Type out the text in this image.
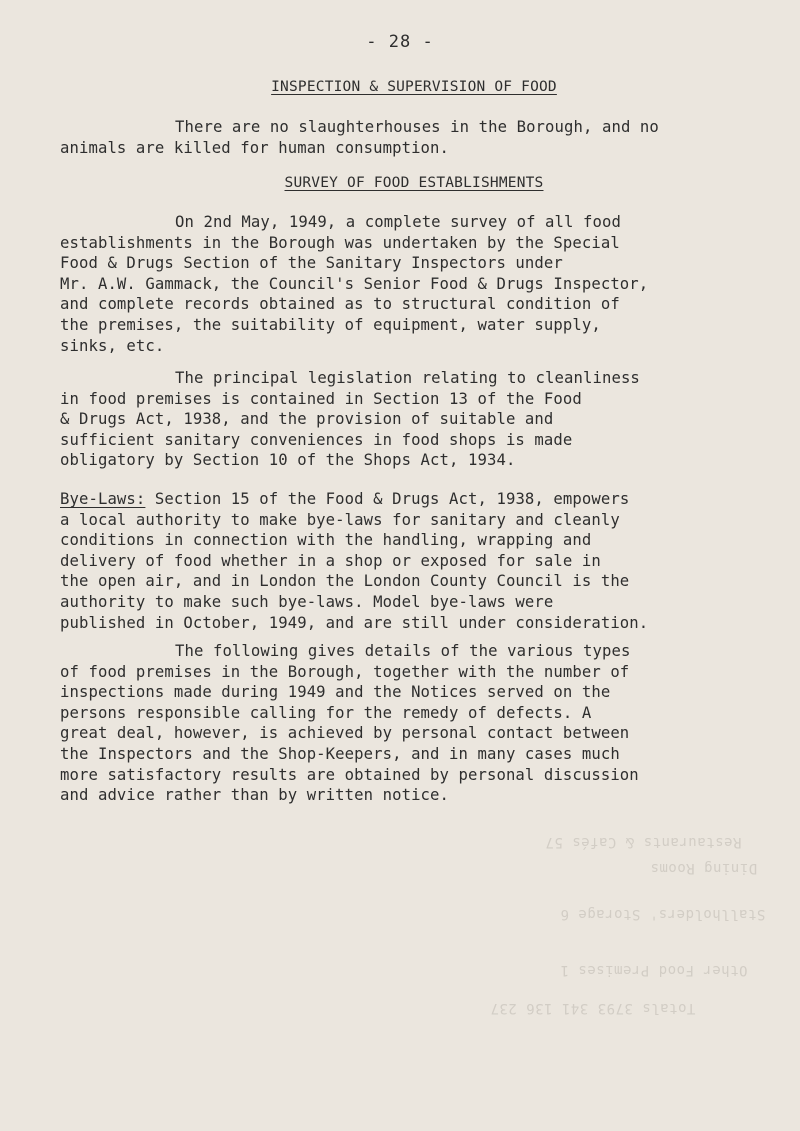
Restaurants & Cafés 57
Dining Rooms
Stallholders' Storage 6
Other Food Premises 1
Totals 3793 341 136 237
- 28 -
INSPECTION & SUPERVISION OF FOOD

There are no slaughterhouses in the Borough, and no
animals are killed for human consumption.

SURVEY OF FOOD ESTABLISHMENTS

On 2nd May, 1949, a complete survey of all food
establishments in the Borough was undertaken by the Special
Food & Drugs Section of the Sanitary Inspectors under
Mr. A.W. Gammack, the Council's Senior Food & Drugs Inspector,
and complete records obtained as to structural condition of
the premises, the suitability of equipment, water supply,
sinks, etc.

The principal legislation relating to cleanliness
in food premises is contained in Section 13 of the Food
& Drugs Act, 1938, and the provision of suitable and
sufficient sanitary conveniences in food shops is made
obligatory by Section 10 of the Shops Act, 1934.

Bye-Laws: Section 15 of the Food & Drugs Act, 1938, empowers
a local authority to make bye-laws for sanitary and cleanly
conditions in connection with the handling, wrapping and
delivery of food whether in a shop or exposed for sale in
the open air, and in London the London County Council is the
authority to make such bye-laws. Model bye-laws were
published in October, 1949, and are still under consideration.

The following gives details of the various types
of food premises in the Borough, together with the number of
inspections made during 1949 and the Notices served on the
persons responsible calling for the remedy of defects. A
great deal, however, is achieved by personal contact between
the Inspectors and the Shop-Keepers, and in many cases much
more satisfactory results are obtained by personal discussion
and advice rather than by written notice.
